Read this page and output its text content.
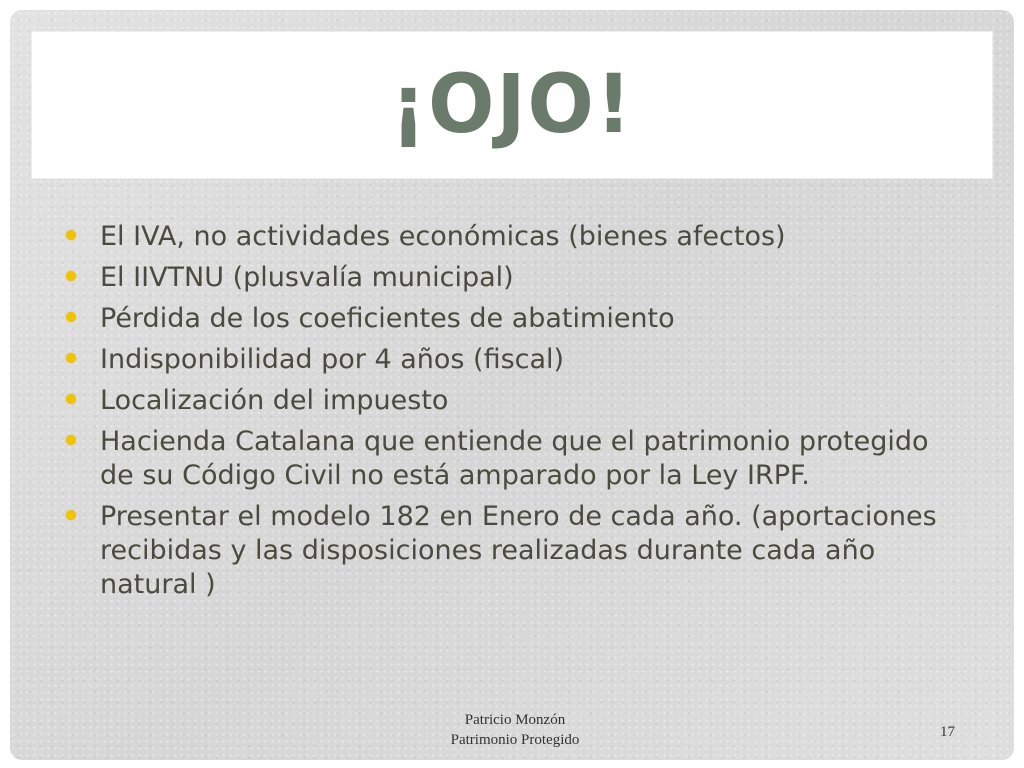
¡OJO!
El IVA, no actividades económicas (bienes afectos)
El IIVTNU (plusvalía municipal)
Pérdida de los coeficientes de abatimiento
Indisponibilidad por 4 años (fiscal)
Localización del impuesto
Hacienda Catalana que entiende que el patrimonio protegido de su Código Civil no está amparado por la Ley IRPF.
Presentar el modelo 182 en Enero de cada año. (aportaciones recibidas y las disposiciones realizadas durante cada año natural )
Patricio Monzón
Patrimonio Protegido	17
